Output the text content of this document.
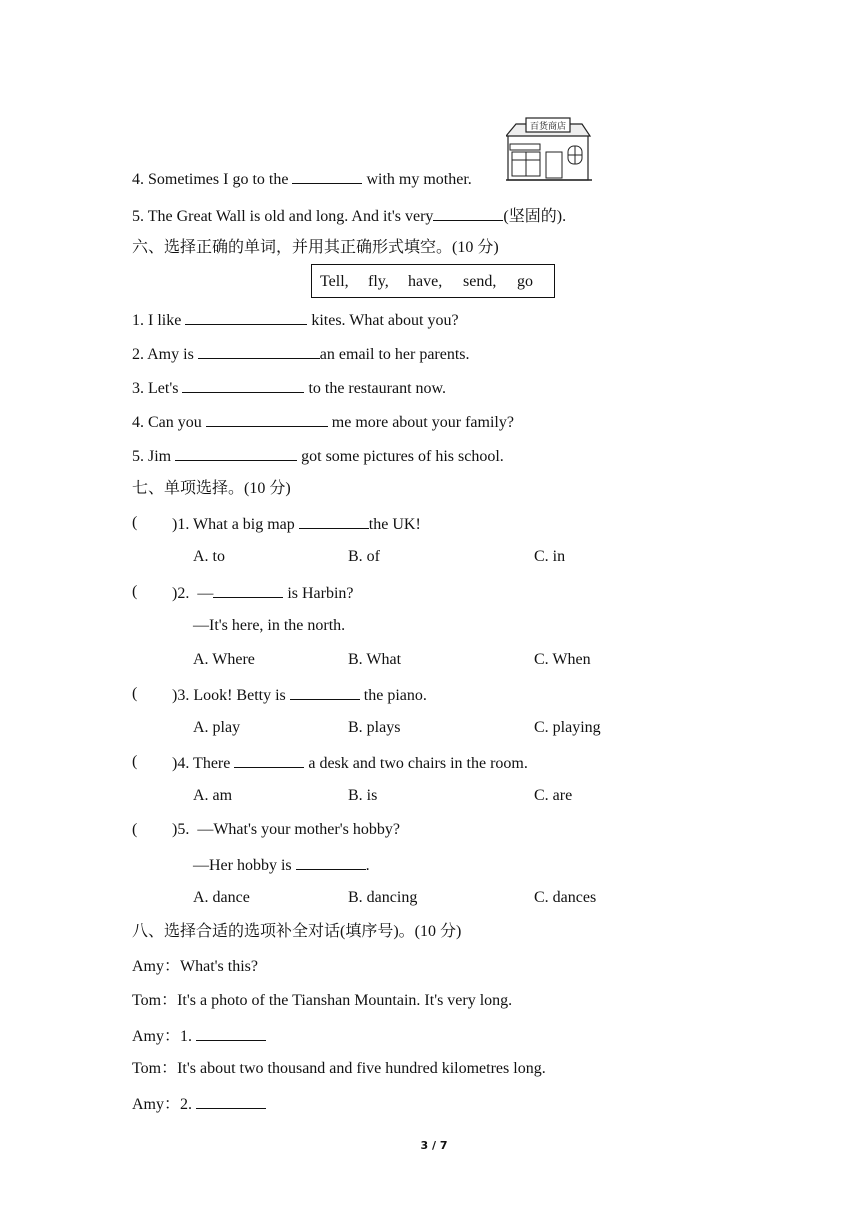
4. Sometimes I go to the	with my mother.
百货商店
5. The Great Wall is old and long. And it's very	(坚固的).
六、选择正确的单词，并用其正确形式填空。(10 分)
Tell, fly, have, send, go
1. I like	kites. What about you?
2. Amy is	an email to her parents.
3. Let's	to the restaurant now.
4. Can you	me more about your family?
5. Jim	got some pictures of his school.
七、单项选择。(10 分)
( )1. What a big map	the UK!
A. to	B. of	C. in
( )2.  —	is Harbin?
—It's here, in the north.
A. Where	B. What	C. When
( )3. Look! Betty is	the piano.
A. play	B. plays	C. playing
( )4. There	a desk and two chairs in the room.
A. am	B. is	C. are
( )5.  —What's your mother's hobby?
—Her hobby is	.
A. dance	B. dancing	C. dances
八、选择合适的选项补全对话(填序号)。(10 分)
Amy：What's this?
Tom：It's a photo of the Tianshan Mountain. It's very long.
Amy：1.
Tom：It's about two thousand and five hundred kilometres long.
Amy：2.
3 / 7
